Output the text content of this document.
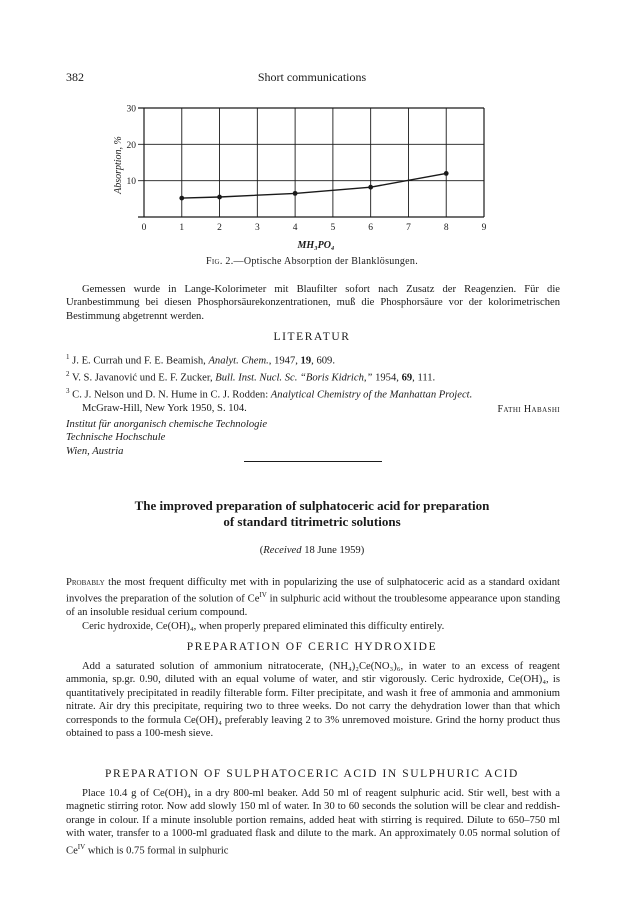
382	Short communications
0	1	2	3	4	5	6	7	8	9
10
20
30
Absorption, %
MH₃PO₄
Fig. 2.—Optische Absorption der Blanklösungen.

Gemessen wurde in Lange-Kolorimeter mit Blaufilter sofort nach Zusatz der Reagenzien. Für die Uranbestimmung bei diesen Phosphorsäurekonzentrationen, muß die Phosphorsäure vor der kolorimetrischen Bestimmung abgetrennt werden.

LITERATUR

$^1$ J. E. Currah und F. E. Beamish, Analyt. Chem., 1947, 19, 609.

$^2$ V. S. Javanović und E. F. Zucker, Bull. Inst. Nucl. Sc. “Boris Kidrich,” 1954, 69, 111.

$^3$ C. J. Nelson und D. N. Hume in C. J. Rodden: Analytical Chemistry of the Manhattan Project.
McGraw-Hill, New York 1950, S. 104.	Fathi Habashi
Institut für anorganisch chemische Technologie
Technische Hochschule
Wien, Austria
The improved preparation of sulphatoceric acid for preparation
of standard titrimetric solutions
(Received 18 June 1959)

Probably the most frequent difficulty met with in popularizing the use of sulphatoceric acid as a standard oxidant involves the preparation of the solution of $Ce^{IV}$ in sulphuric acid without the troublesome appearance upon standing of an insoluble residual cerium compound.

Ceric hydroxide, Ce(OH)₄, when properly prepared eliminated this difficulty entirely.

PREPARATION OF CERIC HYDROXIDE

Add a saturated solution of ammonium nitratocerate, (NH₄)₂Ce(NO₃)₆, in water to an excess of reagent ammonia, sp.gr. 0.90, diluted with an equal volume of water, and stir vigorously. Ceric hydroxide, Ce(OH)₄, is quantitatively precipitated in readily filterable form. Filter precipitate, and wash it free of ammonia and ammonium nitrate. Air dry this precipitate, requiring two to three weeks. Do not carry the dehydration lower than that which corresponds to the formula Ce(OH)₄ preferably leaving 2 to 3% unremoved moisture. Grind the horny product thus obtained to pass a 100-mesh sieve.

PREPARATION OF SULPHATOCERIC ACID IN SULPHURIC ACID

Place 10.4 g of Ce(OH)₄ in a dry 800-ml beaker. Add 50 ml of reagent sulphuric acid. Stir well, best with a magnetic stirring rotor. Now add slowly 150 ml of water. In 30 to 60 seconds the solution will be clear and reddish-orange in colour. If a minute insoluble portion remains, added heat with stirring is required. Dilute to 650–750 ml with water, transfer to a 1000-ml graduated flask and dilute to the mark. An approximately 0.05 normal solution of $Ce^{IV}$ which is 0.75 formal in sulphuric
